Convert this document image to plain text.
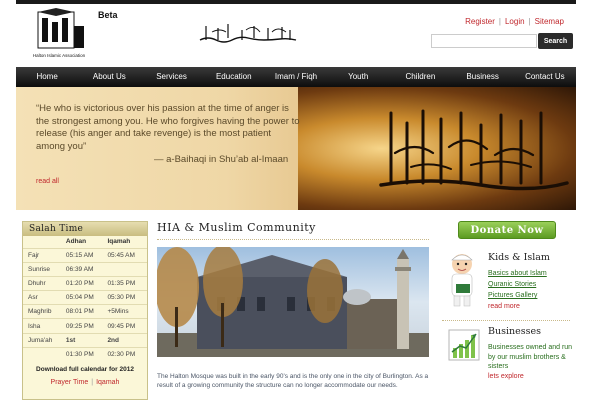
Halton Islamic Association
Beta
Register | Login | Sitemap
Search
Home	About Us	Services	Education	Imam / Fiqh	Youth	Children	Business	Contact Us
“He who is victorious over his passion at the time of anger is the strongest among you. He who forgives having the power to release (his anger and take revenge) is the most patient among you”
— a-Baihaqi in Shu’ab al-Imaan
read all
Salah Time
	Adhan	Iqamah
Fajr	05:15 AM	05:45 AM
Sunrise	06:39 AM	
Dhuhr	01:20 PM	01:35 PM
Asr	05:04 PM	05:30 PM
Maghrib	08:01 PM	+5Mins
Isha	09:25 PM	09:45 PM
Juma'ah	1st	2nd
	01:30 PM	02:30 PM
Download full calendar for 2012
Prayer Time | Iqamah
HIA & Muslim Community
The Halton Mosque was built in the early 90's and is the only one in the city of Burlington. As a result of a growing community the structure can no longer accommodate our needs.
Donate Now
Kids & Islam
Basics about Islam
Quranic Stories
Pictures Gallery
read more
Businesses
Businesses owned and run by our muslim brothers & sisters
lets explore
